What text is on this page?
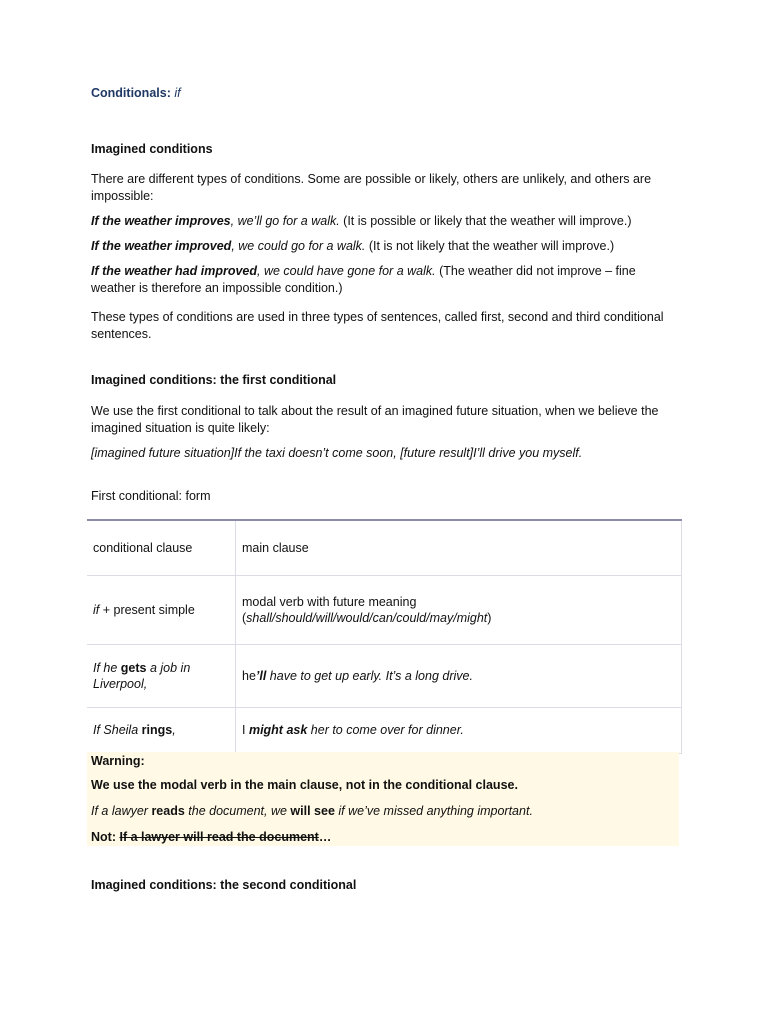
Conditionals: if
Imagined conditions
There are different types of conditions. Some are possible or likely, others are unlikely, and others are impossible:
If the weather improves, we’ll go for a walk. (It is possible or likely that the weather will improve.)
If the weather improved, we could go for a walk. (It is not likely that the weather will improve.)
If the weather had improved, we could have gone for a walk. (The weather did not improve – fine weather is therefore an impossible condition.)
These types of conditions are used in three types of sentences, called first, second and third conditional sentences.
Imagined conditions: the first conditional
We use the first conditional to talk about the result of an imagined future situation, when we believe the imagined situation is quite likely:
[imagined future situation]If the taxi doesn’t come soon, [future result]I’ll drive you myself.
First conditional: form
conditional clause	main clause
if + present simple	modal verb with future meaning
(shall/should/will/would/can/could/may/might)
If he gets a job in Liverpool,	he’ll have to get up early. It’s a long drive.
If Sheila rings,	I might ask her to come over for dinner.
Warning:
We use the modal verb in the main clause, not in the conditional clause.
If a lawyer reads the document, we will see if we’ve missed anything important.
Not: If a lawyer will read the document…
Imagined conditions: the second conditional
